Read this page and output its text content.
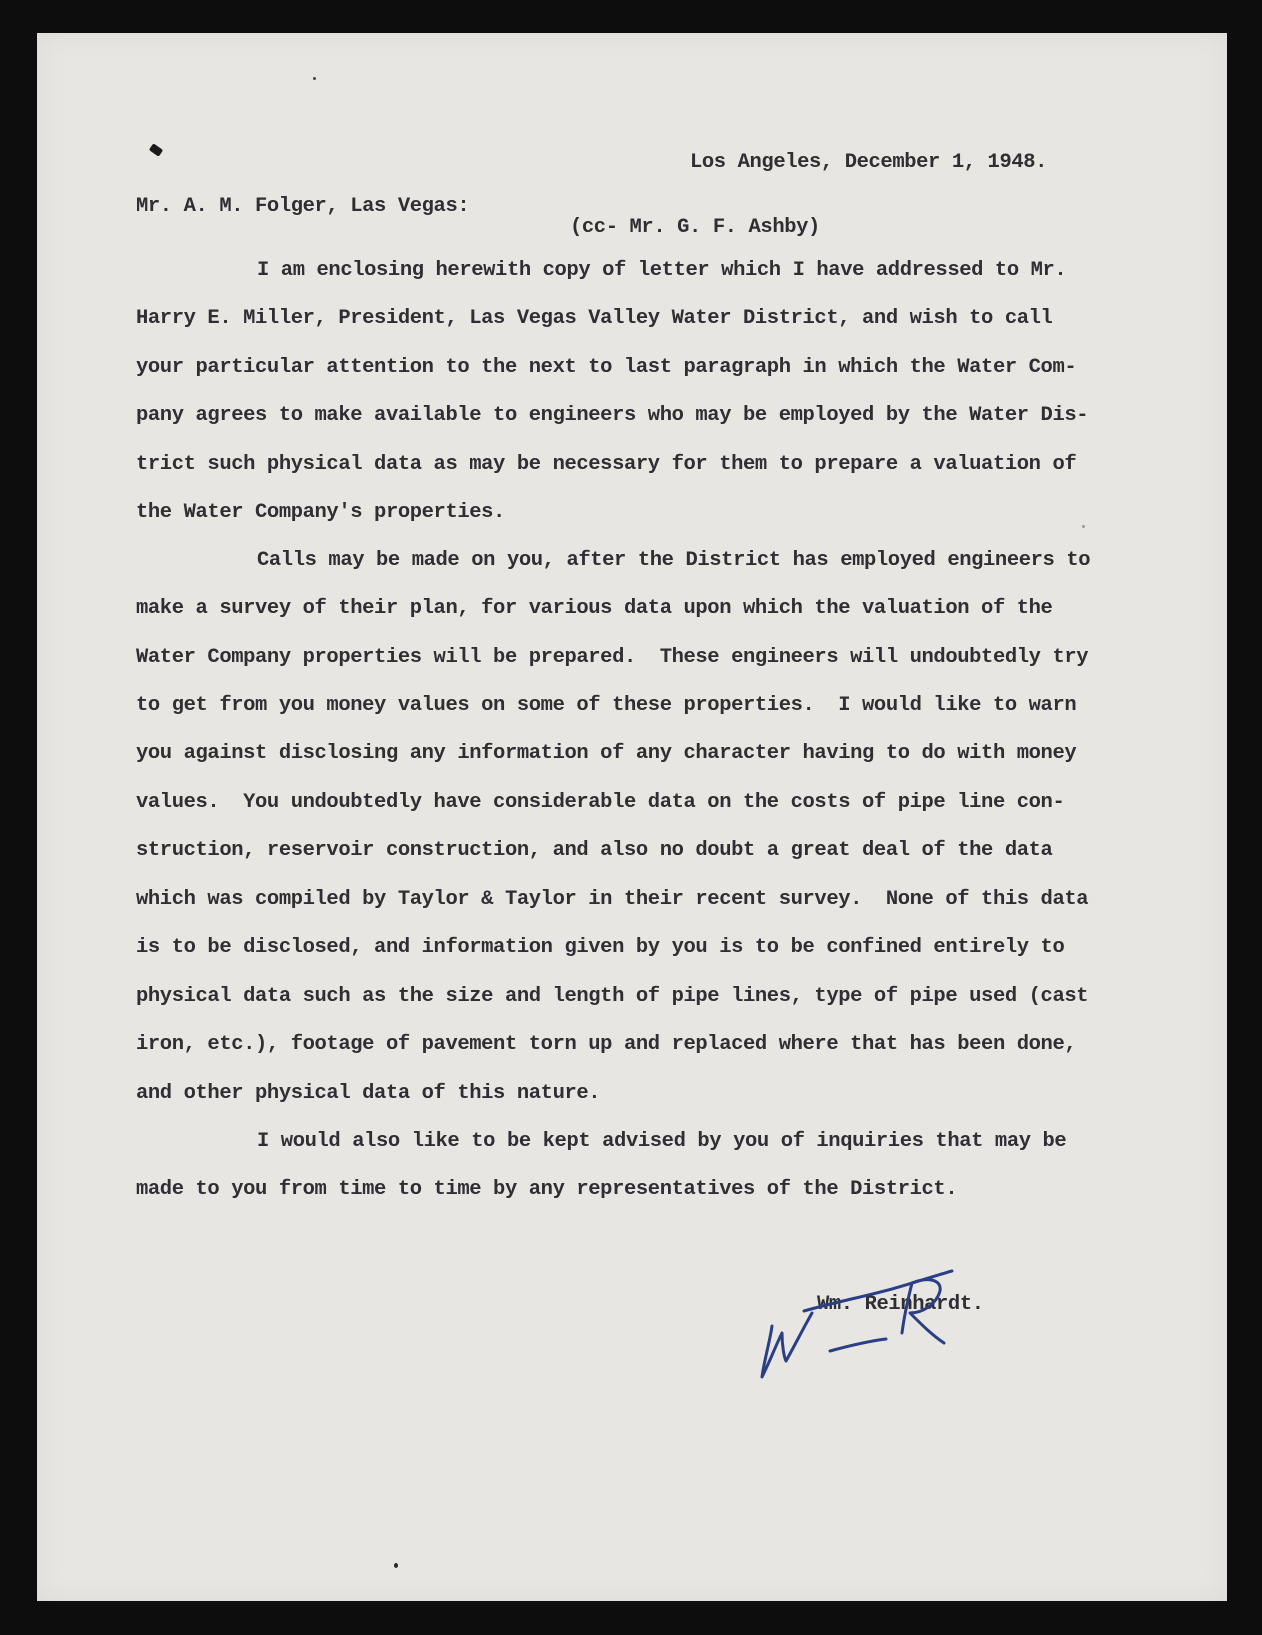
Los Angeles, December 1, 1948.

Mr. A. M. Folger, Las Vegas:

(cc- Mr. G. F. Ashby)

I am enclosing herewith copy of letter which I have addressed to Mr.

Harry E. Miller, President, Las Vegas Valley Water District, and wish to call

your particular attention to the next to last paragraph in which the Water Com-

pany agrees to make available to engineers who may be employed by the Water Dis-

trict such physical data as may be necessary for them to prepare a valuation of

the Water Company's properties.

Calls may be made on you, after the District has employed engineers to

make a survey of their plan, for various data upon which the valuation of the

Water Company properties will be prepared.  These engineers will undoubtedly try

to get from you money values on some of these properties.  I would like to warn

you against disclosing any information of any character having to do with money

values.  You undoubtedly have considerable data on the costs of pipe line con-

struction, reservoir construction, and also no doubt a great deal of the data

which was compiled by Taylor & Taylor in their recent survey.  None of this data

is to be disclosed, and information given by you is to be confined entirely to

physical data such as the size and length of pipe lines, type of pipe used (cast

iron, etc.), footage of pavement torn up and replaced where that has been done,

and other physical data of this nature.

I would also like to be kept advised by you of inquiries that may be

made to you from time to time by any representatives of the District.

Wm. Reinhardt.
